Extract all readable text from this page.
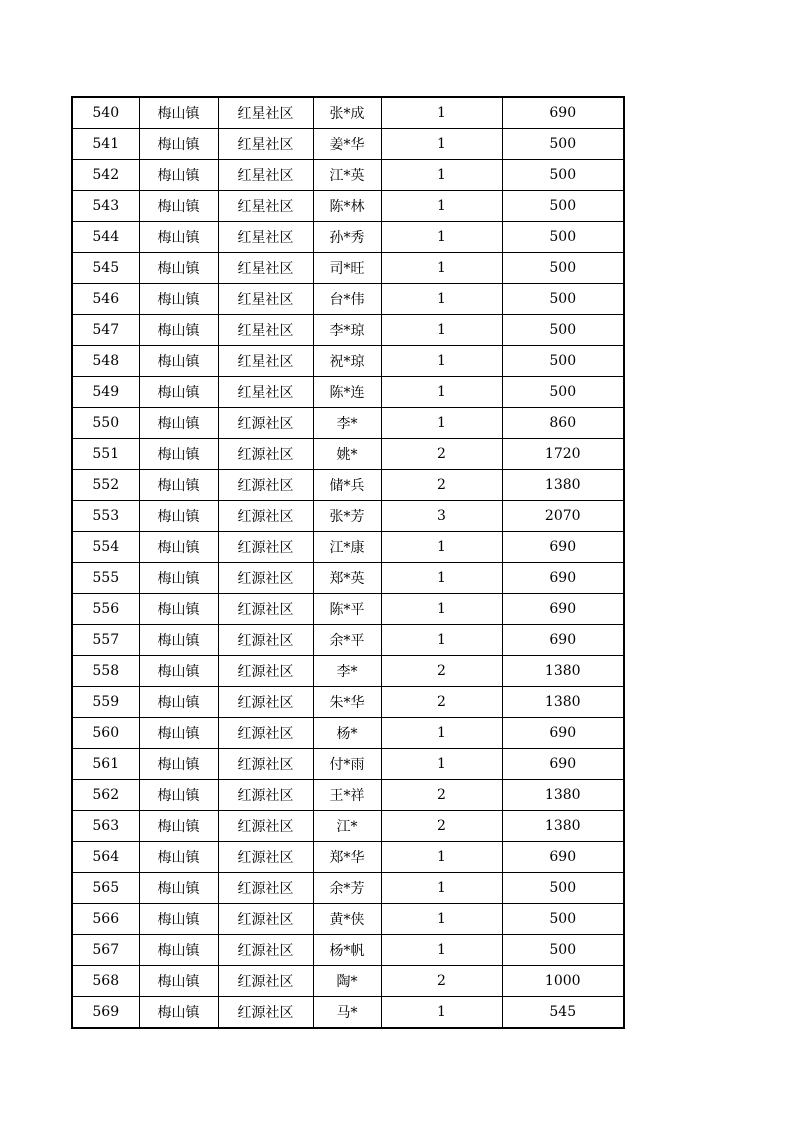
540	梅山镇	红星社区	张*成	1	690
541	梅山镇	红星社区	姜*华	1	500
542	梅山镇	红星社区	江*英	1	500
543	梅山镇	红星社区	陈*林	1	500
544	梅山镇	红星社区	孙*秀	1	500
545	梅山镇	红星社区	司*旺	1	500
546	梅山镇	红星社区	台*伟	1	500
547	梅山镇	红星社区	李*琼	1	500
548	梅山镇	红星社区	祝*琼	1	500
549	梅山镇	红星社区	陈*连	1	500
550	梅山镇	红源社区	李*	1	860
551	梅山镇	红源社区	姚*	2	1720
552	梅山镇	红源社区	储*兵	2	1380
553	梅山镇	红源社区	张*芳	3	2070
554	梅山镇	红源社区	江*康	1	690
555	梅山镇	红源社区	郑*英	1	690
556	梅山镇	红源社区	陈*平	1	690
557	梅山镇	红源社区	余*平	1	690
558	梅山镇	红源社区	李*	2	1380
559	梅山镇	红源社区	朱*华	2	1380
560	梅山镇	红源社区	杨*	1	690
561	梅山镇	红源社区	付*雨	1	690
562	梅山镇	红源社区	王*祥	2	1380
563	梅山镇	红源社区	江*	2	1380
564	梅山镇	红源社区	郑*华	1	690
565	梅山镇	红源社区	余*芳	1	500
566	梅山镇	红源社区	黄*侠	1	500
567	梅山镇	红源社区	杨*帆	1	500
568	梅山镇	红源社区	陶*	2	1000
569	梅山镇	红源社区	马*	1	545
